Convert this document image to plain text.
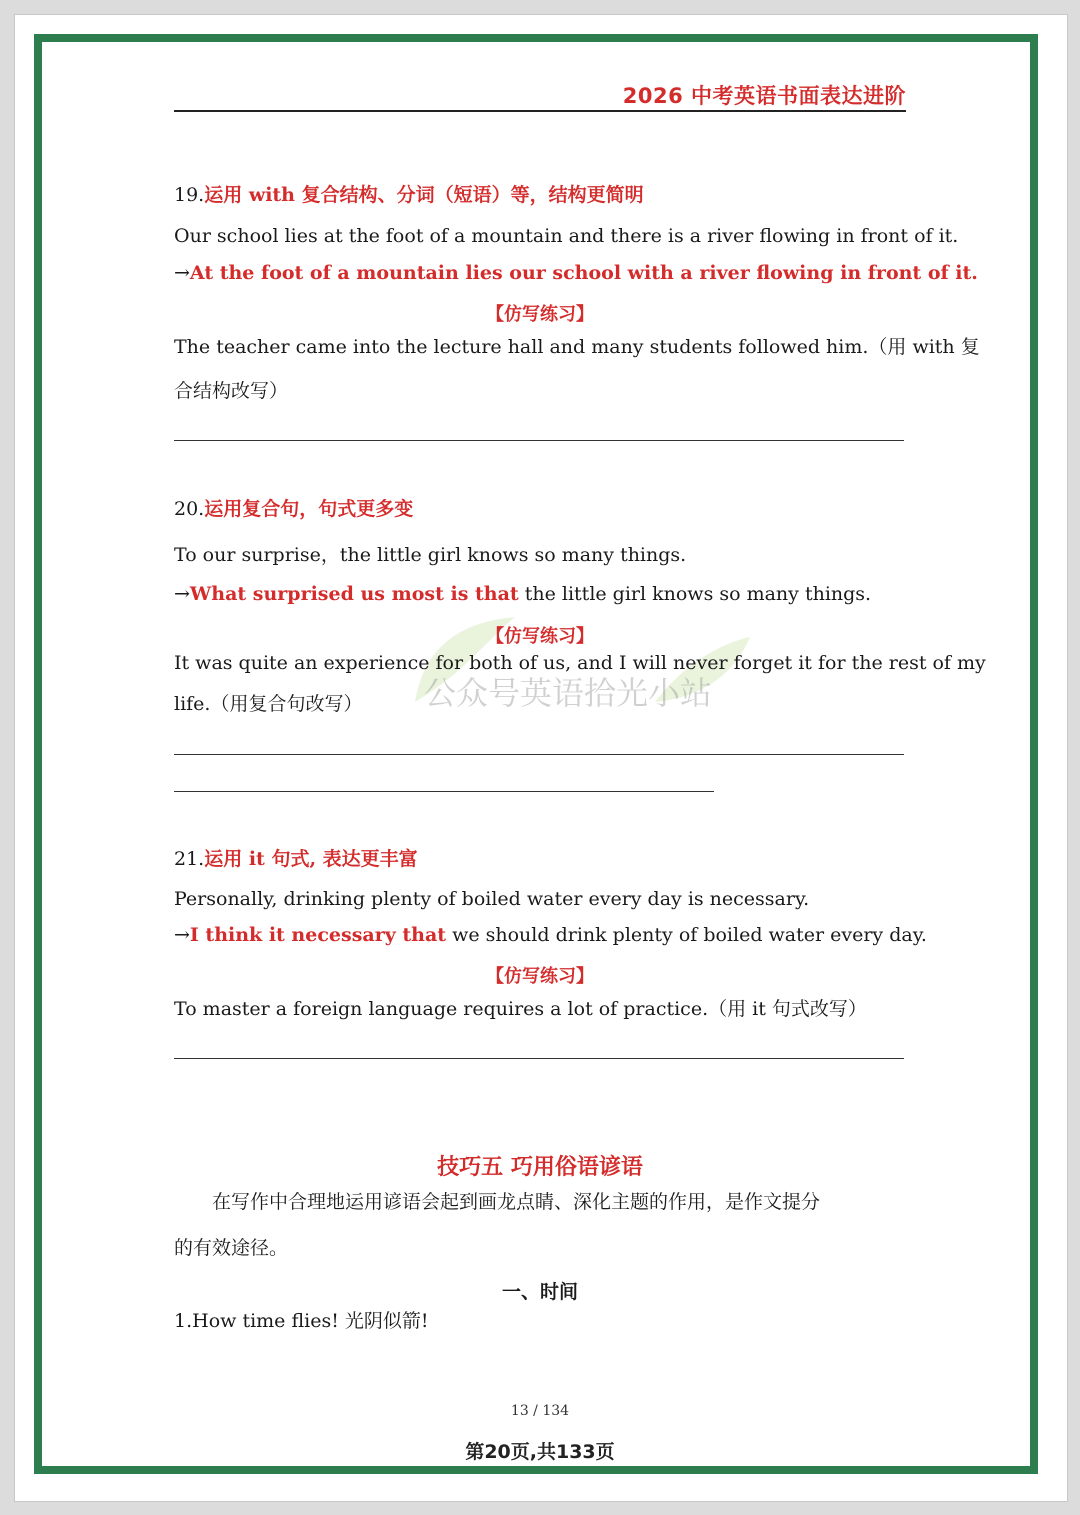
2026 中考英语书面表达进阶
公众号英语拾光小站
19.运用 with 复合结构、分词（短语）等，结构更简明
Our school lies at the foot of a mountain and there is a river flowing in front of it.
→At the foot of a mountain lies our school with a river flowing in front of it.
【仿写练习】
The teacher came into the lecture hall and many students followed him.（用 with 复
合结构改写）
20.运用复合句，句式更多变
To our surprise，the little girl knows so many things.
→What surprised us most is that the little girl knows so many things.
【仿写练习】
It was quite an experience for both of us, and I will never forget it for the rest of my
life.（用复合句改写）
21.运用 it 句式, 表达更丰富
Personally, drinking plenty of boiled water every day is necessary.
→I think it necessary that we should drink plenty of boiled water every day.
【仿写练习】
To master a foreign language requires a lot of practice.（用 it 句式改写）
技巧五 巧用俗语谚语
在写作中合理地运用谚语会起到画龙点睛、深化主题的作用，是作文提分
的有效途径。
一、时间
1.How time flies! 光阴似箭!
13 / 134
第20页,共133页
